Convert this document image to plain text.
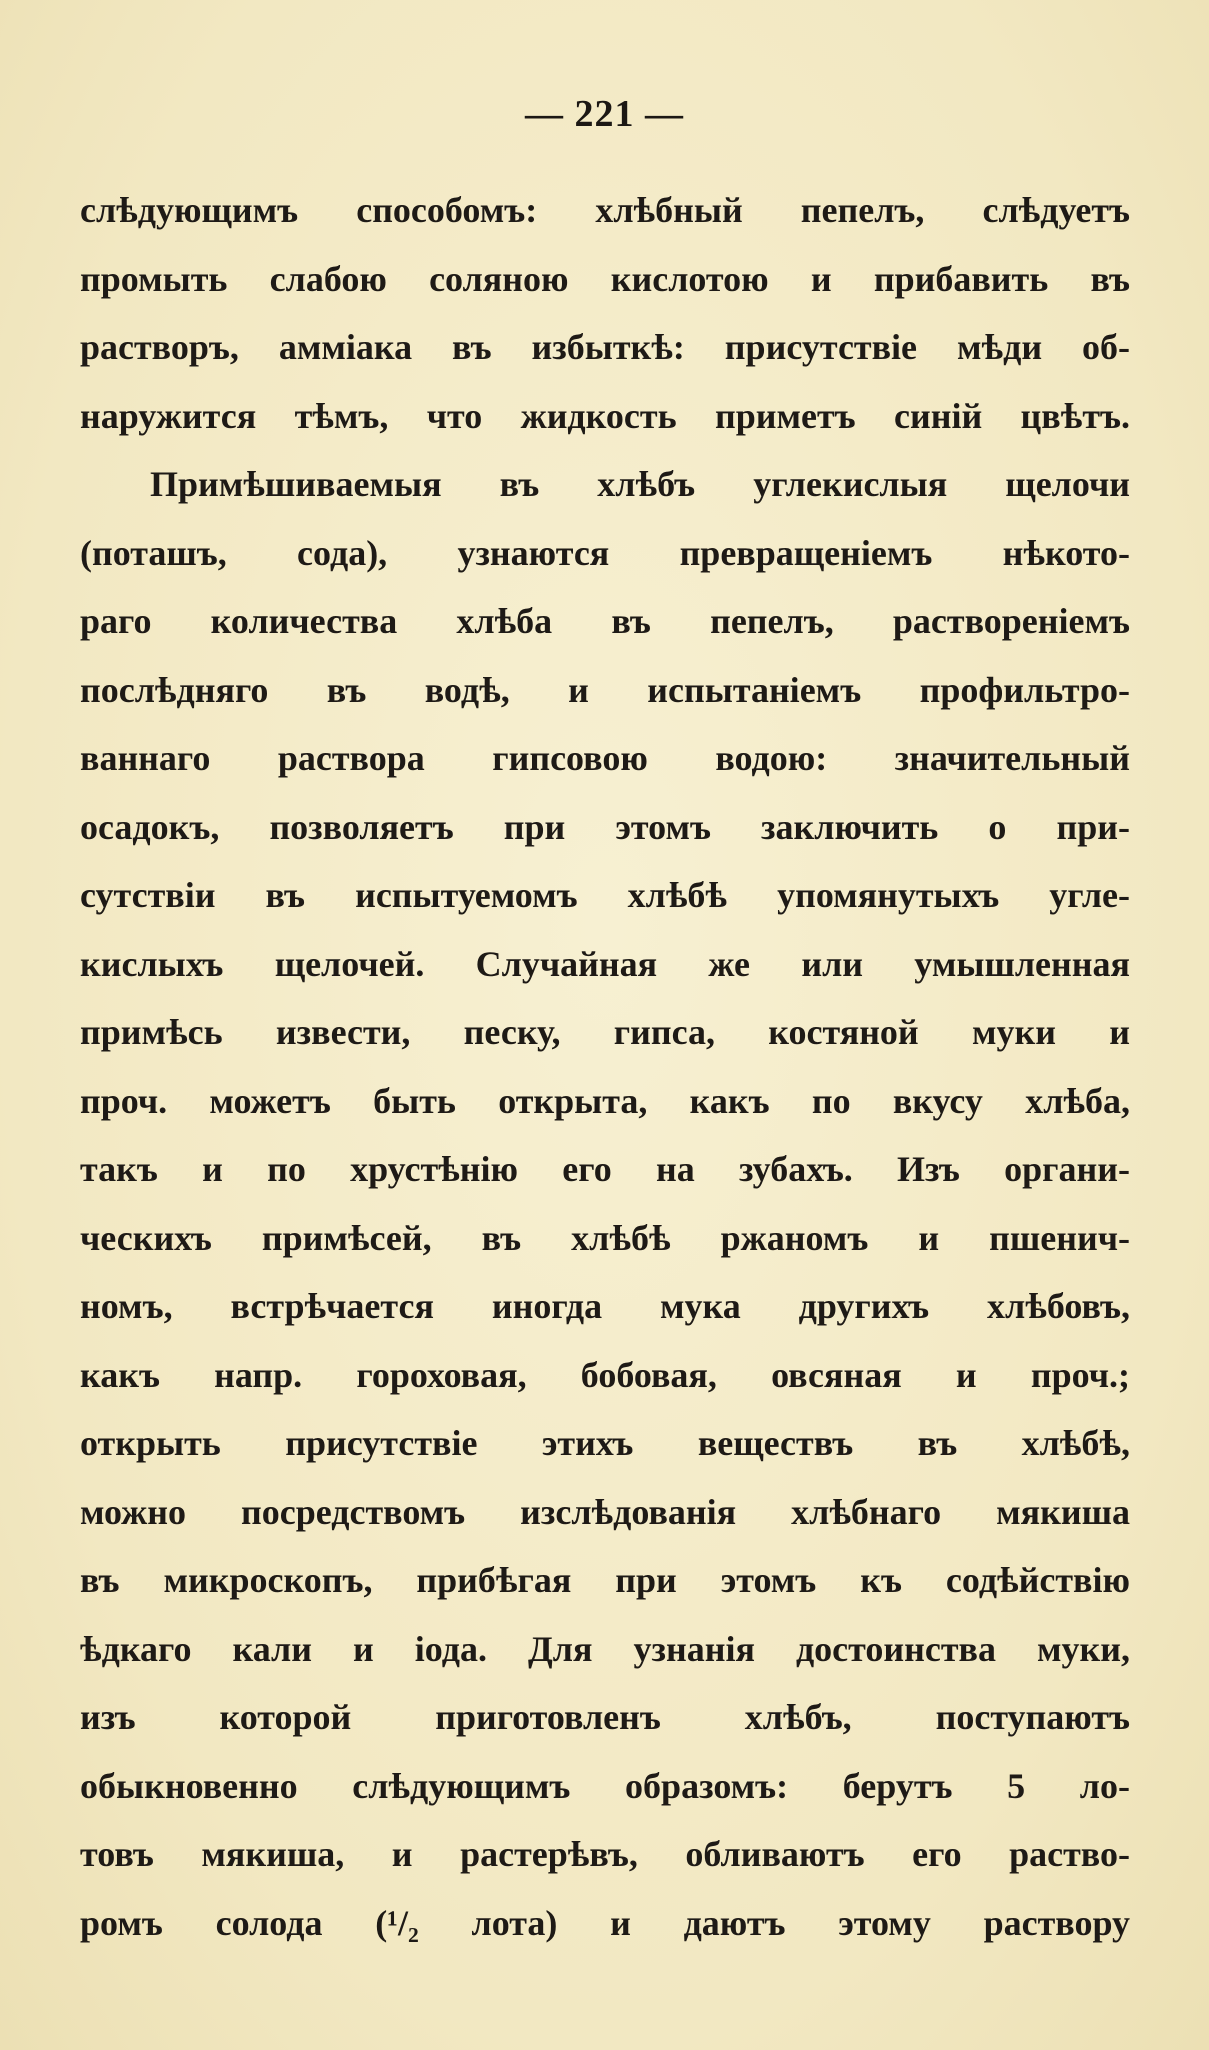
— 221 —
слѣдующимъ способомъ: хлѣбный пепелъ, слѣдуетъ
промыть слабою соляною кислотою и прибавить въ
растворъ, амміака въ избыткѣ: присутствіе мѣди об-
наружится тѣмъ, что жидкость приметъ синій цвѣтъ.
Примѣшиваемыя въ хлѣбъ углекислыя щелочи
(поташъ, сода), узнаются превращеніемъ нѣкото-
раго количества хлѣба въ пепелъ, раствореніемъ
послѣдняго въ водѣ, и испытаніемъ профильтро-
ваннаго раствора гипсовою водою: значительный
осадокъ, позволяетъ при этомъ заключить о при-
сутствіи въ испытуемомъ хлѣбѣ упомянутыхъ угле-
кислыхъ щелочей. Случайная же или умышленная
примѣсь извести, песку, гипса, костяной муки и
проч. можетъ быть открыта, какъ по вкусу хлѣба,
такъ и по хрустѣнію его на зубахъ. Изъ органи-
ческихъ примѣсей, въ хлѣбѣ ржаномъ и пшенич-
номъ, встрѣчается иногда мука другихъ хлѣбовъ,
какъ напр. гороховая, бобовая, овсяная и проч.;
открыть присутствіе этихъ веществъ въ хлѣбѣ,
можно посредствомъ изслѣдованія хлѣбнаго мякиша
въ микроскопъ, прибѣгая при этомъ къ содѣйствію
ѣдкаго кали и іода. Для узнанія достоинства муки,
изъ которой приготовленъ хлѣбъ, поступаютъ
обыкновенно слѣдующимъ образомъ: берутъ 5 ло-
товъ мякиша, и растерѣвъ, обливаютъ его раство-
ромъ солода (¹/₂ лота) и даютъ этому раствору
